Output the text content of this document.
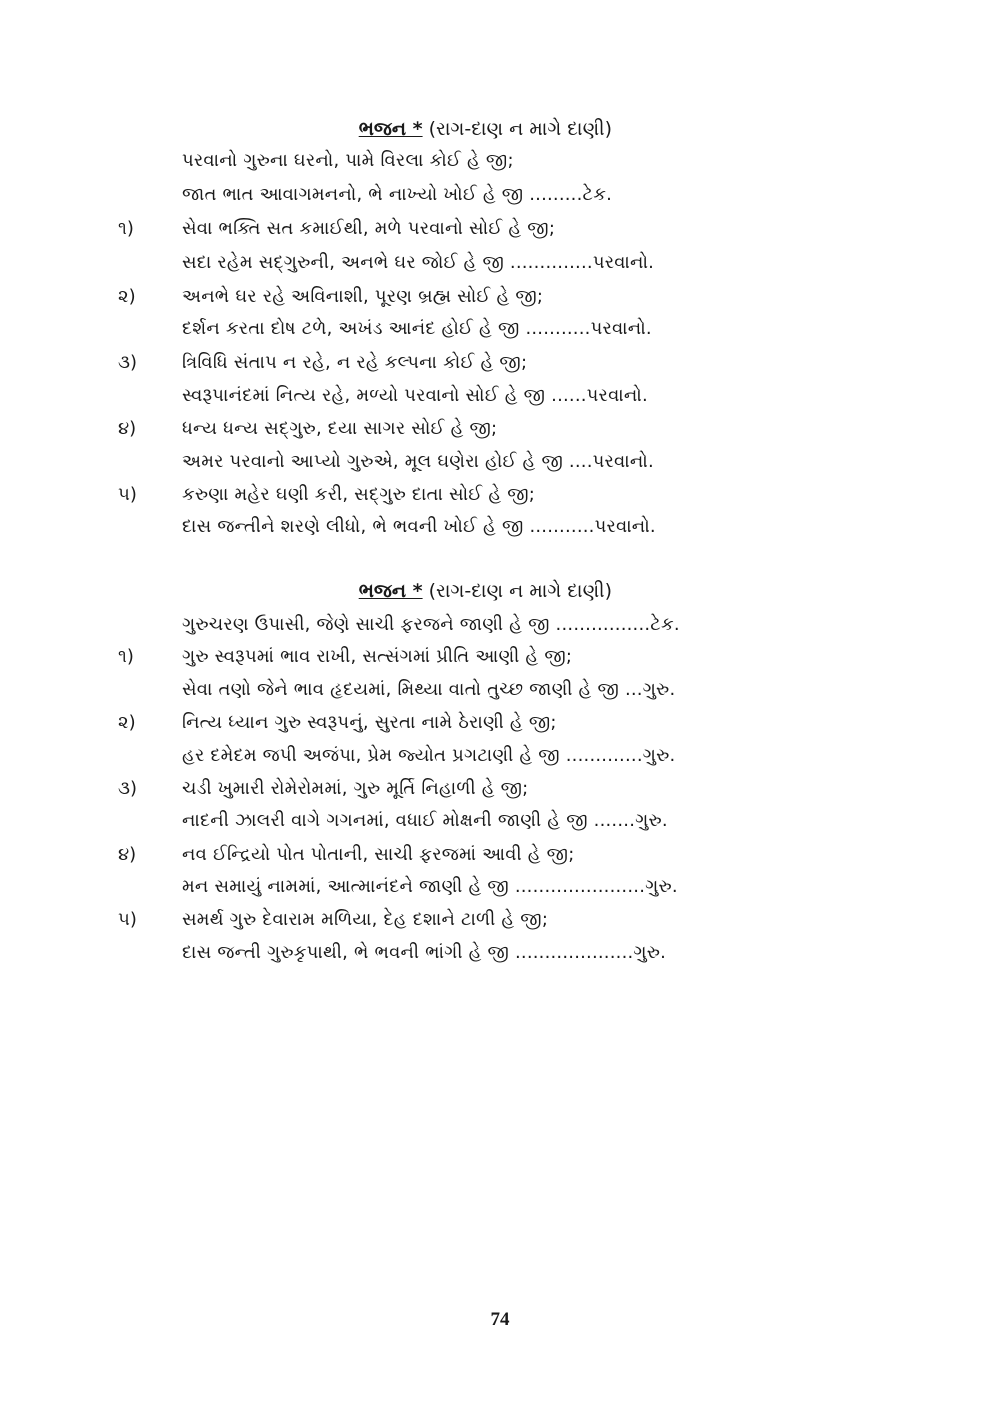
ભજન * (રાગ-દાણ ન માગે દાણી)
પરવાનો ગુરુના ઘરનો, પામે વિરલા કોઈ હે જી;
જાત ભાત આવાગમનનો, ભે નાખ્યો ખોઈ હે જી .........ટેક.
૧)	સેવા ભક્તિ સત કમાઈથી, મળે પરવાનો સોઈ હે જી;
સદા રહેમ સદ્ગુરુની, અનભે ઘર જોઈ હે જી ..............પરવાનો.
૨)	અનભે ઘર રહે અવિનાશી, પૂરણ બ્રહ્મ સોઈ હે જી;
દર્શન કરતા દોષ ટળે, અખંડ આનંદ હોઈ હે જી ...........પરવાનો.
૩) ત્રિવિધિ સંતાપ ન રહે, ન રહે કલ્પના કોઈ હે જી;
સ્વરૂપાનંદમાં નિત્ય રહે, મળ્યો પરવાનો સોઈ હે જી ......પરવાનો.
૪)	ધન્ય ધન્ય સદ્ગુરુ, દયા સાગર સોઈ હે જી;
અમર પરવાનો આપ્યો ગુરુએ, મૂલ ઘણેરા હોઈ હે જી ....પરવાનો.
૫)	કરુણા મહેર ઘણી કરી, સદ્ગુરુ દાતા સોઈ હે જી;
દાસ જન્તીને શરણે લીધો, ભે ભવની ખોઈ હે જી ...........પરવાનો.
ભજન * (રાગ-દાણ ન માગે દાણી)
ગુરુચરણ ઉપાસી, જેણે સાચી ફરજને જાણી હે જી ................ટેક.
૧)	ગુરુ સ્વરૂપમાં ભાવ રાખી, સત્સંગમાં પ્રીતિ આણી હે જી;
સેવા તણો જેને ભાવ હૃદયમાં, મિથ્યા વાતો તુચ્છ જાણી હે જી ...ગુરુ.
૨)	નિત્ય ધ્યાન ગુરુ સ્વરૂપનું, સુરતા નામે ઠેરાણી હે જી;
હર દમેદમ જપી અજંપા, પ્રેમ જ્યોત પ્રગટાણી હે જી .............ગુરુ.
૩) ચડી ખુમારી રોમેરોમમાં, ગુરુ મૂર્તિ નિહાળી હે જી;
નાદની ઝાલરી વાગે ગગનમાં, વધાઈ મોક્ષની જાણી હે જી .......ગુરુ.
૪)	નવ ઈન્દ્રિયો પોત પોતાની, સાચી ફરજમાં આવી હે જી;
મન સમાયું નામમાં, આત્માનંદને જાણી હે જી ......................ગુરુ.
૫)	સમર્થ ગુરુ દેવારામ મળિયા, દેહ દશાને ટાળી હે જી;
દાસ જન્તી ગુરુકૃપાથી, ભે ભવની ભાંગી હે જી ....................ગુરુ.
74
